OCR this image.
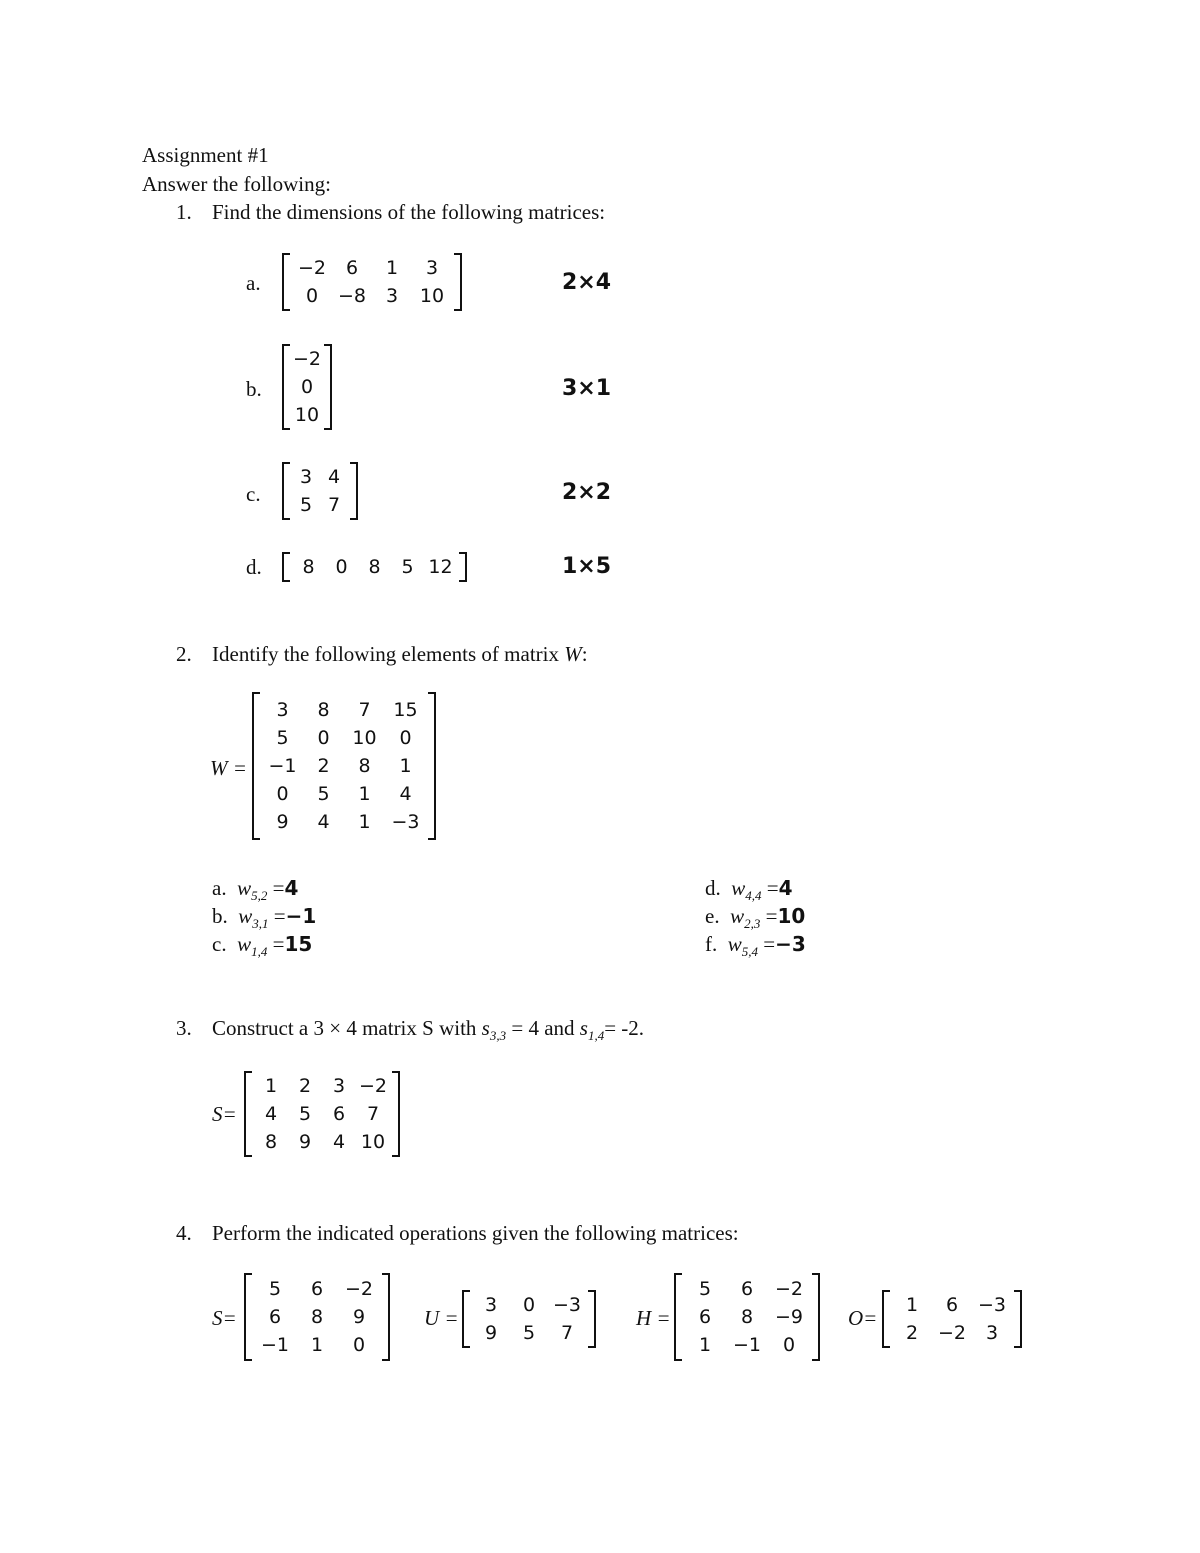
Assignment #1
Answer the following:
1. Find the dimensions of the following matrices:
a.
−2	6	1	3
0	−8	3	10
2×4
b.
−2
0
10
3×1
c.
3 4
5 7	2×2
d.	8	0	8	5 12	1×5
2. Identify the following elements of matrix W:
W =
3	8	7	15
5	0	10	0
−1	2	8	1
0	5	1	4
9	4	1	−3
a. $w_{5,2} =4$
b. $w_{3,1} =-1$
c. $w_{1,4} =15$
d. $w_{4,4} =4$
e. $w_{2,3} =10$
f. $w_{5,4} =-3$
3. Construct a 3 × 4 matrix S with $s_{3,3} = 4$ and $s_{1,4}= -2$.
S=
1	2	3 −2
4	5	6	7
8	9	4 10
4. Perform the indicated operations given the following matrices:
S=
5	6	−2
6	8	9
−1	1	0
U =
3	0 −3
9	5	7
H =
5	6	−2
6	8	−9
1	−1	0
O=
1	6	−3
2	−2	3
